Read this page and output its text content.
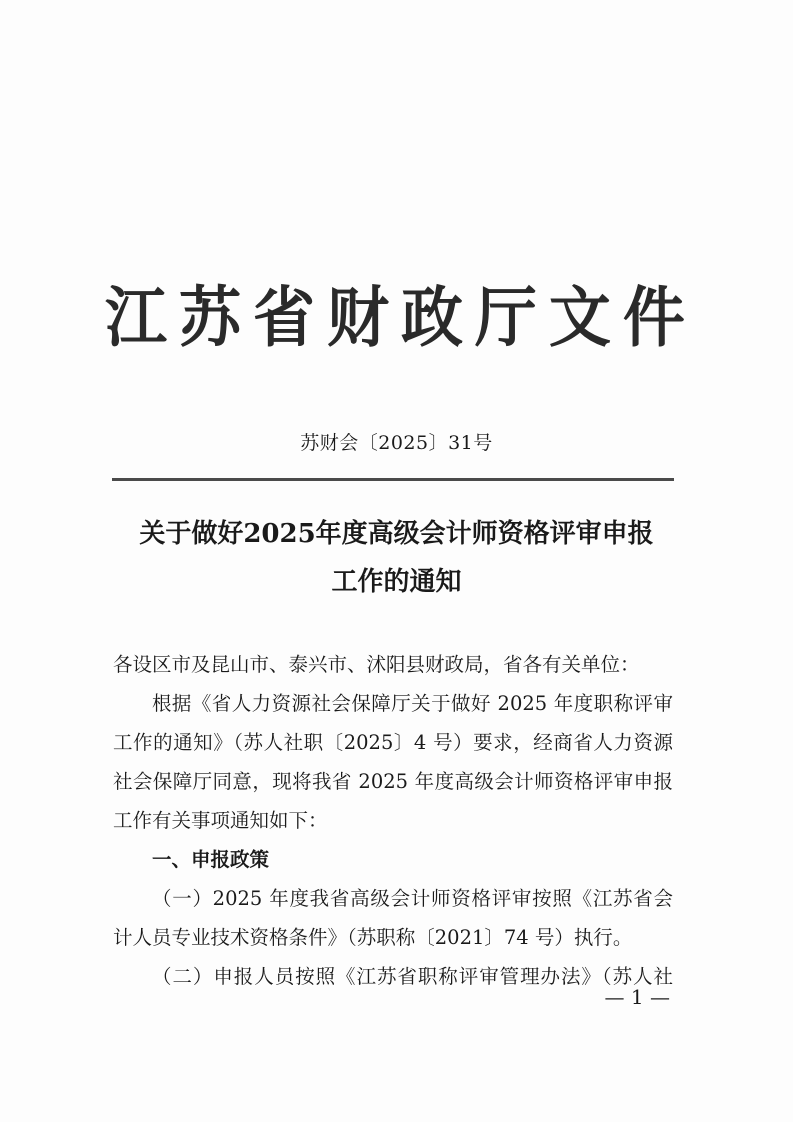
江 苏 省 财 政 厅 文 件
苏财会〔2025〕31号
关于做好2025年度高级会计师资格评审申报
工作的通知
各设区市及昆山市、泰兴市、沭阳县财政局，省各有关单位：
根据《省人力资源社会保障厅关于做好 2025 年度职称评审
工作的通知》（苏人社职〔2025〕4 号）要求，经商省人力资源
社会保障厅同意，现将我省 2025 年度高级会计师资格评审申报
工作有关事项通知如下：
一、申报政策
（一）2025 年度我省高级会计师资格评审按照《江苏省会
计人员专业技术资格条件》（苏职称〔2021〕74 号）执行。
（二）申报人员按照《江苏省职称评审管理办法》（苏人社
— 1 —
